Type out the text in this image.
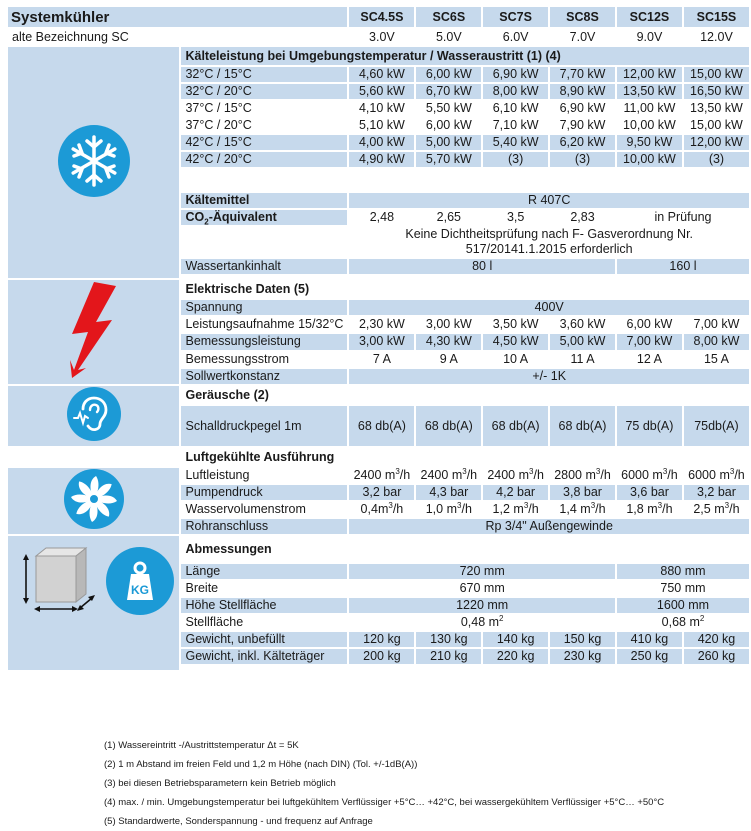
Systemkühler		SC4.5S	SC6S	SC7S	SC8S	SC12S	SC15S
alte Bezeichnung SC		3.0V	5.0V	6.0V	7.0V	9.0V	12.0V
	Kälteleistung bei Umgebungstemperatur / Wasseraustritt (1) (4)						
	32°C / 15°C	4,60 kW	6,00 kW	6,90 kW	7,70 kW	12,00 kW	15,00 kW
	32°C / 20°C	5,60 kW	6,70 kW	8,00 kW	8,90 kW	13,50 kW	16,50 kW
	37°C / 15°C	4,10 kW	5,50 kW	6,10 kW	6,90 kW	11,00 kW	13,50 kW
	37°C / 20°C	5,10 kW	6,00 kW	7,10 kW	7,90 kW	10,00 kW	15,00 kW
	42°C / 15°C	4,00 kW	5,00 kW	5,40 kW	6,20 kW	9,50 kW	12,00 kW
	42°C / 20°C	4,90 kW	5,70 kW	(3)	(3)	10,00 kW	(3)

	Kältemittel	R 407C					
	$CO_2$-Äquivalent	2,48	2,65	3,5	2,83	in Prüfung	
		Keine Dichtheitsprüfung nach F- Gasverordnung Nr.
517/20141.1.2015 erforderlich					
	Wassertankinhalt	80 l				160 l	

	Elektrische Daten (5)						
	Spannung	400V					
	Leistungsaufnahme 15/32°C	2,30 kW	3,00 kW	3,50 kW	3,60 kW	6,00 kW	7,00 kW
	Bemessungsleistung	3,00 kW	4,30 kW	4,50 kW	5,00 kW	7,00 kW	8,00 kW
	Bemessungsstrom	7 A	9 A	10 A	11 A	12 A	15 A
	Sollwertkonstanz	+/- 1K					
	Geräusche (2)						
	Schalldruckpegel 1m	68 db(A)	68 db(A)	68 db(A)	68 db(A)	75 db(A)	75db(A)
	Luftgekühlte Ausführung						
	Luftleistung	2400 $m^3/h$	2400 $m^3/h$	2400 $m^3/h$	2800 $m^3/h$	6000 $m^3/h$	6000 $m^3/h$
	Pumpendruck	3,2 bar	4,3 bar	4,2 bar	3,8 bar	3,6 bar	3,2 bar
	Wasservolumenstrom	$0,4m^3/h$	1,0 $m^3/h$	1,2 $m^3/h$	1,4 $m^3/h$	1,8 $m^3/h$	2,5 $m^3/h$
	Rohranschluss	Rp 3/4" Außengewinde					

KG	Abmessungen						
	Länge	720 mm				880 mm	
	Breite	670 mm				750 mm	
	Höhe Stellfläche	1220 mm				1600 mm	
	Stellfläche	0,48 $m^2$				0,68 $m^2$
	Gewicht, unbefüllt	120 kg	130 kg	140 kg	150 kg	410 kg	420 kg
	Gewicht, inkl. Kälteträger	200 kg	210 kg	220 kg	230 kg	250 kg	260 kg

(1) Wassereintritt -/Austrittstemperatur Δt = 5K
(2) 1 m Abstand im freien Feld und 1,2 m Höhe (nach DIN) (Tol. +/-1dB(A))
(3) bei diesen Betriebsparametern kein Betrieb möglich
(4) max. / min. Umgebungstemperatur bei luftgekühltem Verflüssiger +5°C… +42°C, bei wassergekühltem Verflüssiger +5°C… +50°C
(5) Standardwerte, Sonderspannung - und frequenz auf Anfrage
